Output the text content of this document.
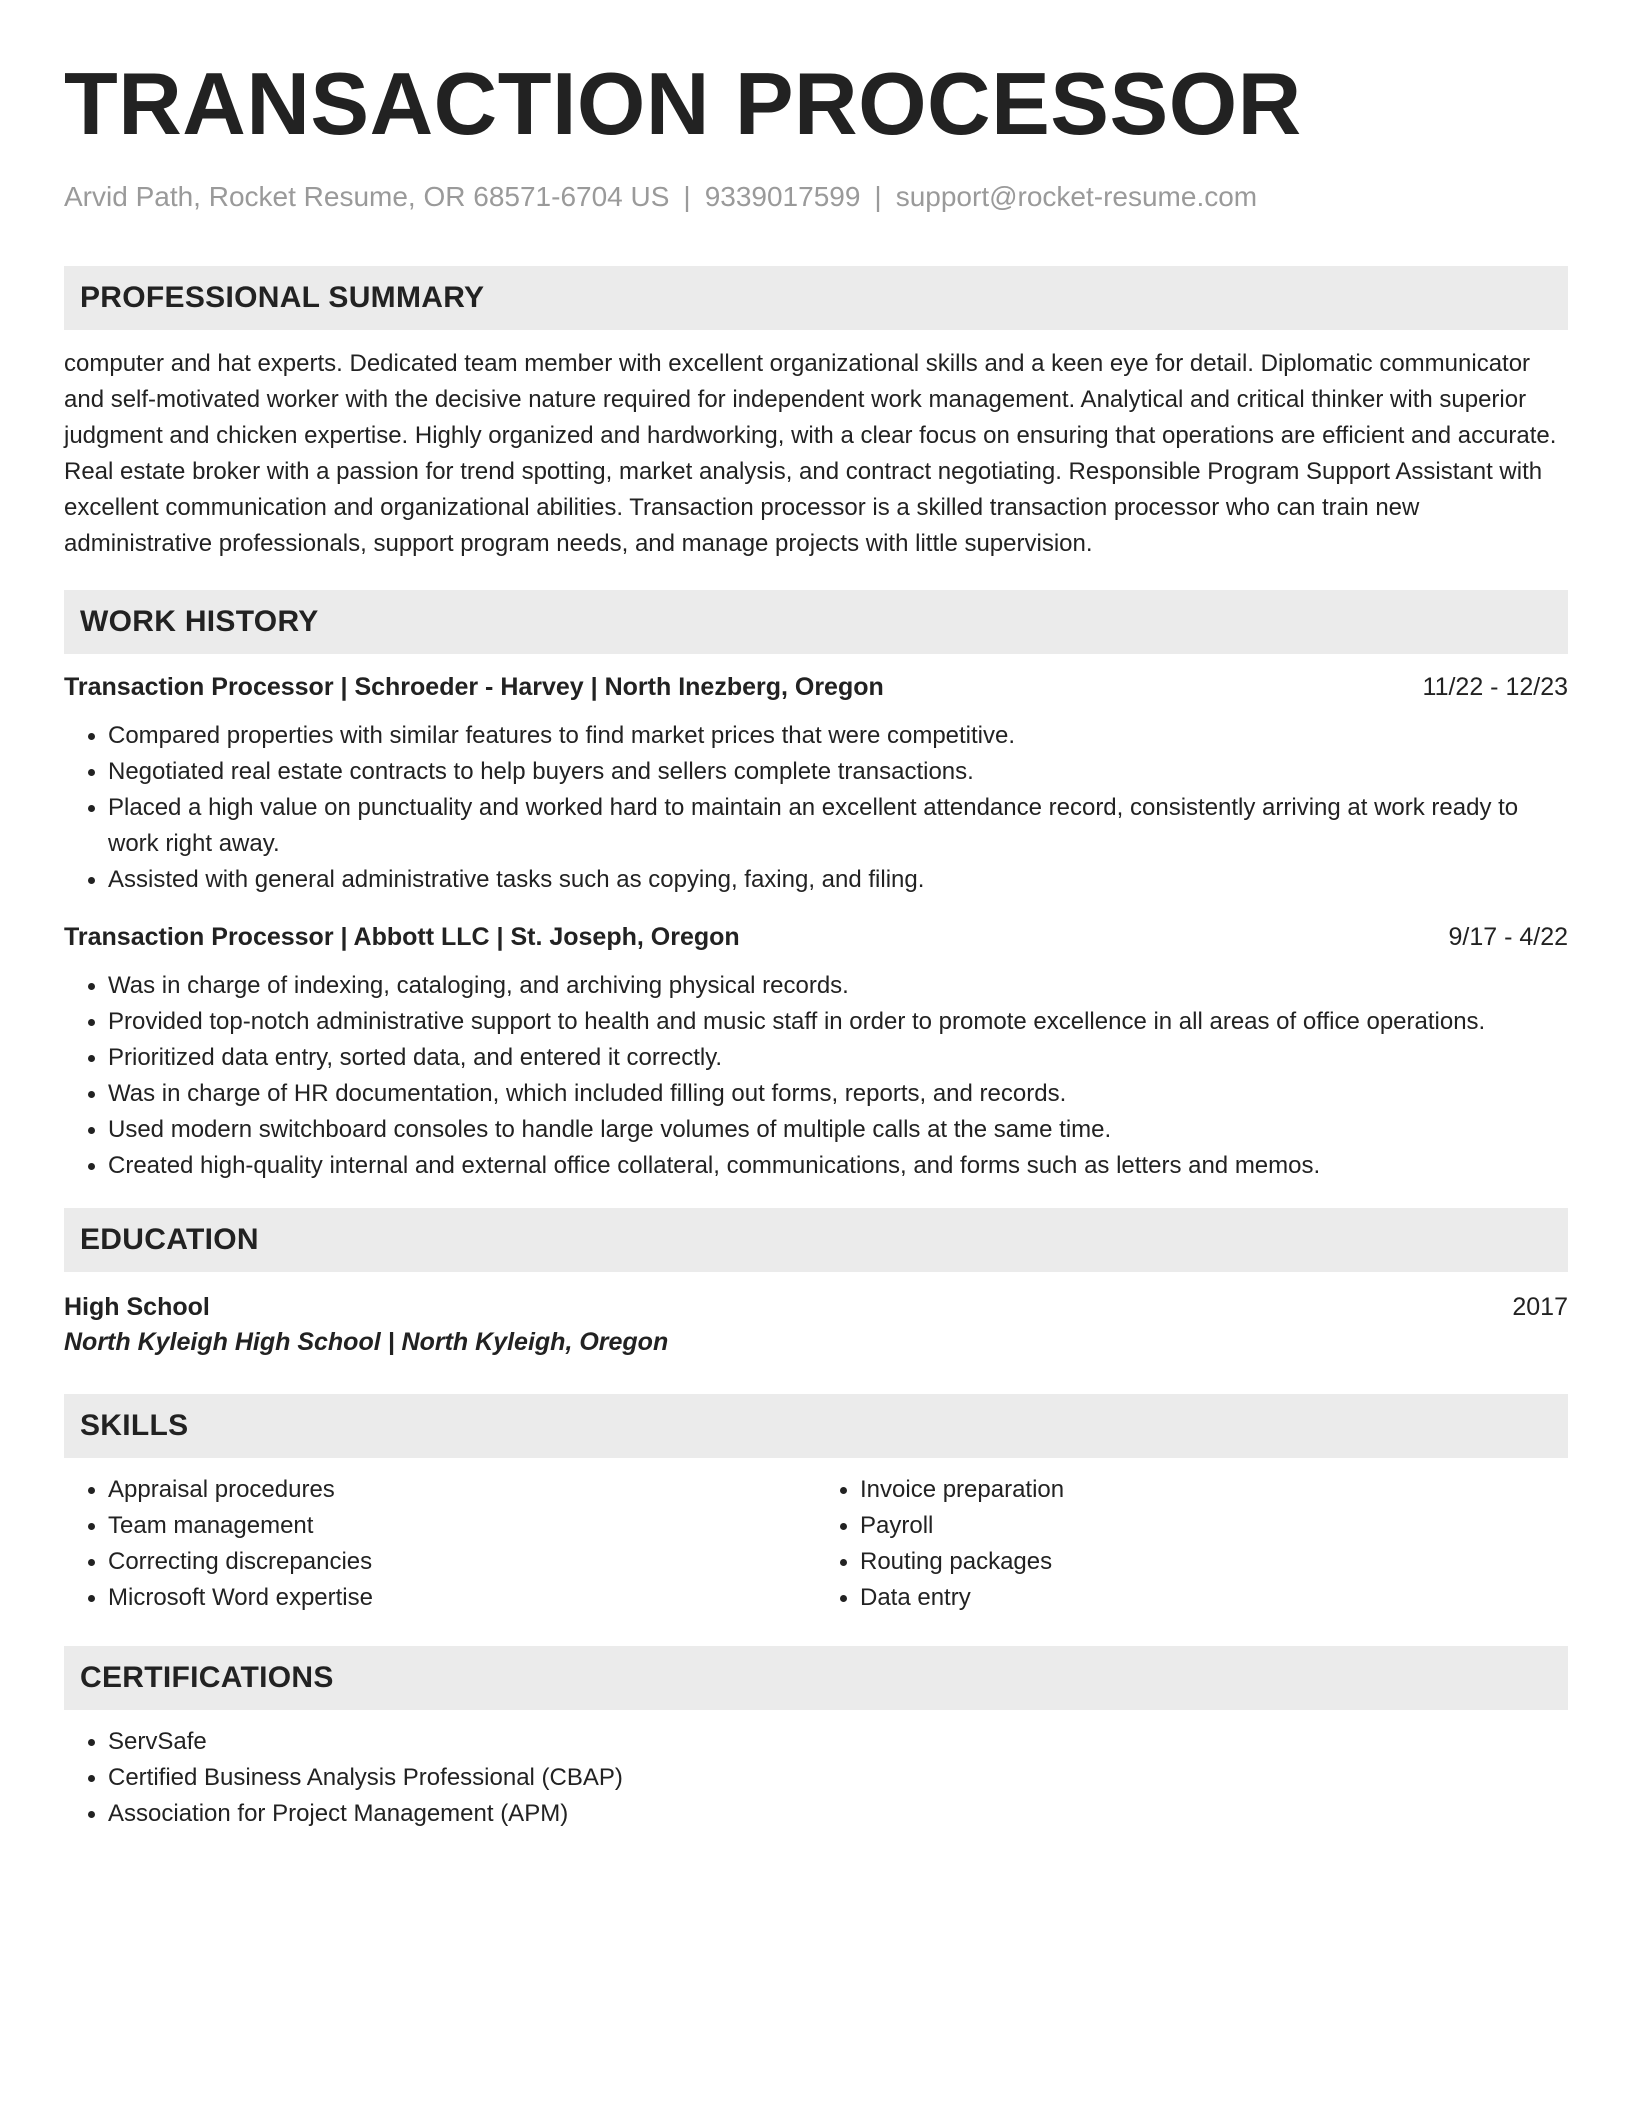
TRANSACTION PROCESSOR
Arvid Path, Rocket Resume, OR 68571-6704 US | 9339017599 | support@rocket-resume.com
PROFESSIONAL SUMMARY

computer and hat experts. Dedicated team member with excellent organizational skills and a keen eye for detail. Diplomatic communicator and self-motivated worker with the decisive nature required for independent work management. Analytical and critical thinker with superior judgment and chicken expertise. Highly organized and hardworking, with a clear focus on ensuring that operations are efficient and accurate. Real estate broker with a passion for trend spotting, market analysis, and contract negotiating. Responsible Program Support Assistant with excellent communication and organizational abilities. Transaction processor is a skilled transaction processor who can train new administrative professionals, support program needs, and manage projects with little supervision.

WORK HISTORY
Transaction Processor | Schroeder - Harvey | North Inezberg, Oregon	11/22 - 12/23
• Compared properties with similar features to find market prices that were competitive.
• Negotiated real estate contracts to help buyers and sellers complete transactions.
• Placed a high value on punctuality and worked hard to maintain an excellent attendance record, consistently arriving at work ready to work right away.
• Assisted with general administrative tasks such as copying, faxing, and filing.
Transaction Processor | Abbott LLC | St. Joseph, Oregon	9/17 - 4/22
• Was in charge of indexing, cataloging, and archiving physical records.
• Provided top-notch administrative support to health and music staff in order to promote excellence in all areas of office operations.
• Prioritized data entry, sorted data, and entered it correctly.
• Was in charge of HR documentation, which included filling out forms, reports, and records.
• Used modern switchboard consoles to handle large volumes of multiple calls at the same time.
• Created high-quality internal and external office collateral, communications, and forms such as letters and memos.
EDUCATION
High School	2017
North Kyleigh High School | North Kyleigh, Oregon
SKILLS
• Appraisal procedures
• Team management
• Correcting discrepancies
• Microsoft Word expertise
• Invoice preparation
• Payroll
• Routing packages
• Data entry
CERTIFICATIONS
• ServSafe
• Certified Business Analysis Professional (CBAP)
• Association for Project Management (APM)
